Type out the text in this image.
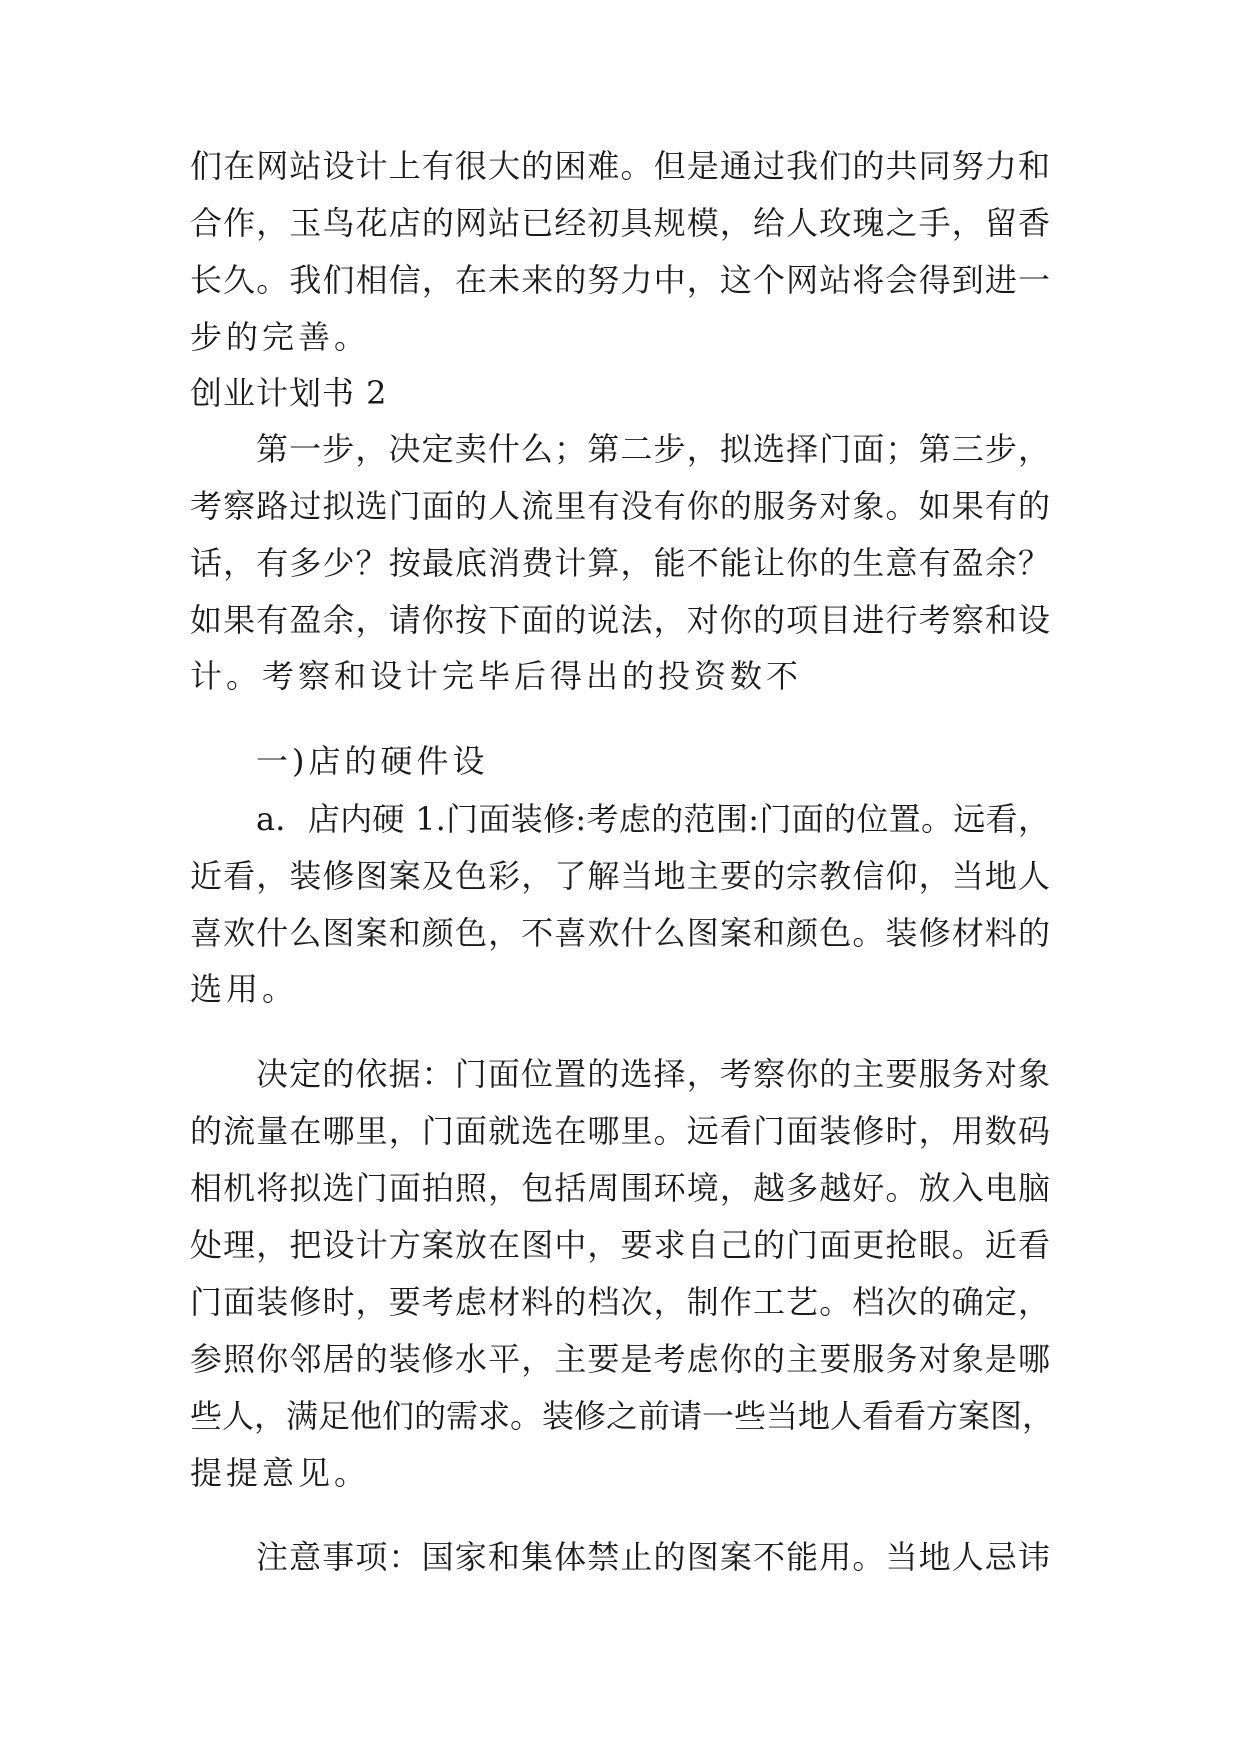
们在网站设计上有很大的困难。但是通过我们的共同努力和
合作，玉鸟花店的网站已经初具规模，给人玫瑰之手，留香
长久。我们相信，在未来的努力中，这个网站将会得到进一
步的完善。
创业计划书 2
第一步，决定卖什么；第二步，拟选择门面；第三步，
考察路过拟选门面的人流里有没有你的服务对象。如果有的
话，有多少？按最底消费计算，能不能让你的生意有盈余？
如果有盈余，请你按下面的说法，对你的项目进行考察和设
计。考察和设计完毕后得出的投资数不
一)店的硬件设
a．店内硬 1.门面装修:考虑的范围:门面的位置。远看，
近看，装修图案及色彩，了解当地主要的宗教信仰，当地人
喜欢什么图案和颜色，不喜欢什么图案和颜色。装修材料的
选用。
决定的依据：门面位置的选择，考察你的主要服务对象
的流量在哪里，门面就选在哪里。远看门面装修时，用数码
相机将拟选门面拍照，包括周围环境，越多越好。放入电脑
处理，把设计方案放在图中，要求自己的门面更抢眼。近看
门面装修时，要考虑材料的档次，制作工艺。档次的确定，
参照你邻居的装修水平，主要是考虑你的主要服务对象是哪
些人，满足他们的需求。装修之前请一些当地人看看方案图，
提提意见。
注意事项：国家和集体禁止的图案不能用。当地人忌讳
